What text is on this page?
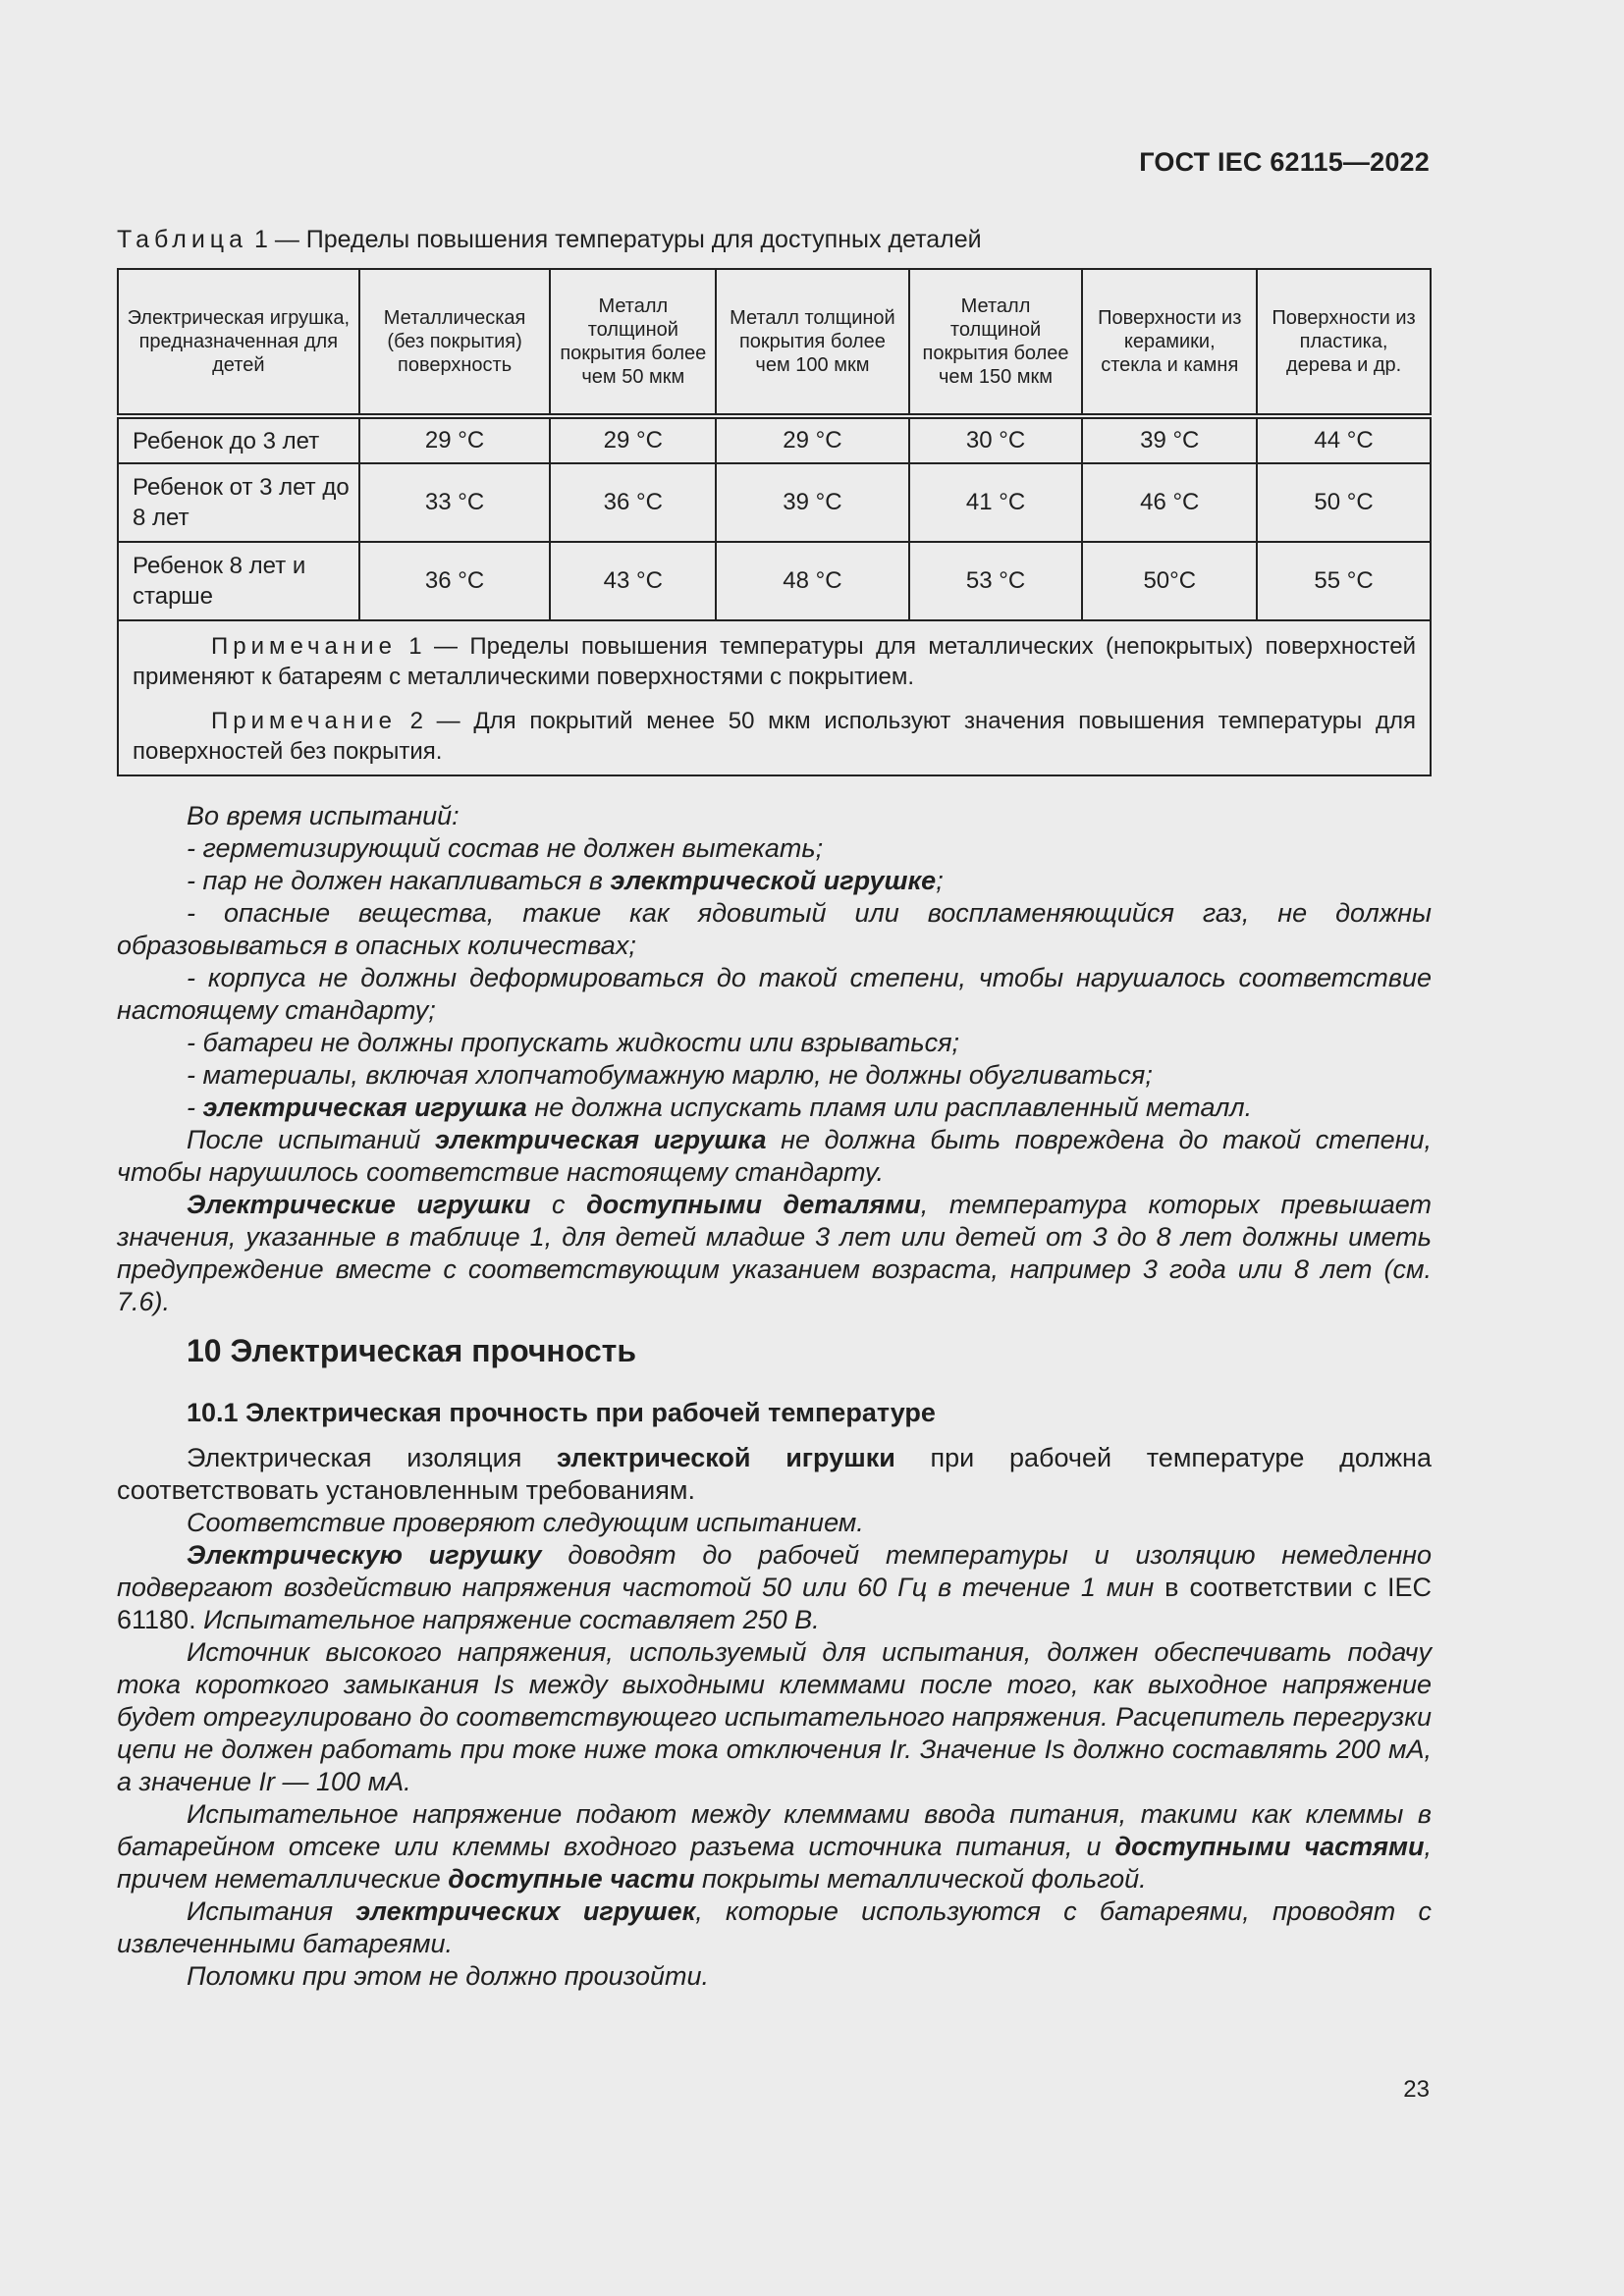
ГОСТ IEC 62115—2022
Таблица 1 — Пределы повышения температуры для доступных деталей
Электрическая игрушка, предназначенная для детей	Металлическая (без покрытия) поверхность	Металл толщиной покрытия более чем 50 мкм	Металл толщиной покрытия более чем 100 мкм	Металл толщиной покрытия более чем 150 мкм	Поверхности из керамики, стекла и камня	Поверхности из пластика, дерева и др.
Ребенок до 3 лет	29 °C	29 °C	29 °C	30 °C	39 °C	44 °C
Ребенок от 3 лет до 8 лет	33 °C	36 °C	39 °C	41 °C	46 °C	50 °C
Ребенок 8 лет и старше	36 °C	43 °C	48 °C	53 °C	50°C	55 °C

Примечание 1 — Пределы повышения температуры для металлических (непокрытых) поверхностей применяют к батареям с металлическими поверхностями с покрытием.

Примечание 2 — Для покрытий менее 50 мкм используют значения повышения температуры для поверхностей без покрытия.						

Во время испытаний:

- герметизирующий состав не должен вытекать;

- пар не должен накапливаться в электрической игрушке;

- опасные вещества, такие как ядовитый или воспламеняющийся газ, не должны образовываться в опасных количествах;

- корпуса не должны деформироваться до такой степени, чтобы нарушалось соответствие настоящему стандарту;

- батареи не должны пропускать жидкости или взрываться;

- материалы, включая хлопчатобумажную марлю, не должны обугливаться;

- электрическая игрушка не должна испускать пламя или расплавленный металл.

После испытаний электрическая игрушка не должна быть повреждена до такой степени, чтобы нарушилось соответствие настоящему стандарту.

Электрические игрушки с доступными деталями, температура которых превышает значения, указанные в таблице 1, для детей младше 3 лет или детей от 3 до 8 лет должны иметь предупреждение вместе с соответствующим указанием возраста, например 3 года или 8 лет (см. 7.6).

10 Электрическая прочность
10.1 Электрическая прочность при рабочей температуре

Электрическая изоляция электрической игрушки при рабочей температуре должна соответствовать установленным требованиям.

Соответствие проверяют следующим испытанием.

Электрическую игрушку доводят до рабочей температуры и изоляцию немедленно подвергают воздействию напряжения частотой 50 или 60 Гц в течение 1 мин в соответствии с IEC 61180. Испытательное напряжение составляет 250 В.

Источник высокого напряжения, используемый для испытания, должен обеспечивать подачу тока короткого замыкания Is между выходными клеммами после того, как выходное напряжение будет отрегулировано до соответствующего испытательного напряжения. Расцепитель перегрузки цепи не должен работать при токе ниже тока отключения Ir. Значение Is должно составлять 200 мА, а значение Ir — 100 мА.

Испытательное напряжение подают между клеммами ввода питания, такими как клеммы в батарейном отсеке или клеммы входного разъема источника питания, и доступными частями, причем неметаллические доступные части покрыты металлической фольгой.

Испытания электрических игрушек, которые используются с батареями, проводят с извлеченными батареями.

Поломки при этом не должно произойти.

23
